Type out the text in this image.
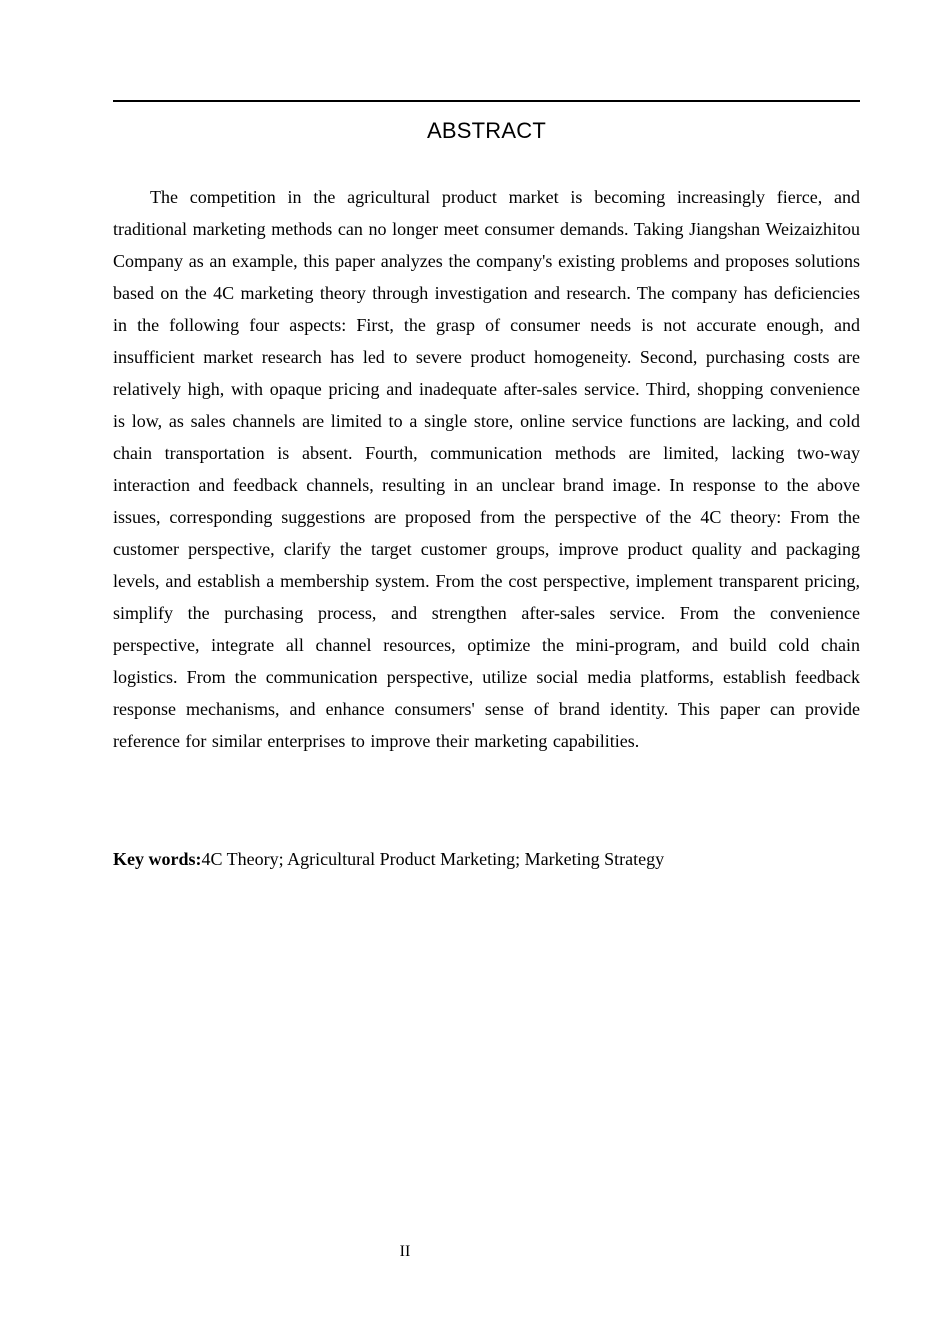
ABSTRACT

The competition in the agricultural product market is becoming increasingly fierce, and traditional marketing methods can no longer meet consumer demands. Taking Jiangshan Weizaizhitou Company as an example, this paper analyzes the company's existing problems and proposes solutions based on the 4C marketing theory through investigation and research. The company has deficiencies in the following four aspects: First, the grasp of consumer needs is not accurate enough, and insufficient market research has led to severe product homogeneity. Second, purchasing costs are relatively high, with opaque pricing and inadequate after-sales service. Third, shopping convenience is low, as sales channels are limited to a single store, online service functions are lacking, and cold chain transportation is absent. Fourth, communication methods are limited, lacking two-way interaction and feedback channels, resulting in an unclear brand image. In response to the above issues, corresponding suggestions are proposed from the perspective of the 4C theory: From the customer perspective, clarify the target customer groups, improve product quality and packaging levels, and establish a membership system. From the cost perspective, implement transparent pricing, simplify the purchasing process, and strengthen after-sales service. From the convenience perspective, integrate all channel resources, optimize the mini-program, and build cold chain logistics. From the communication perspective, utilize social media platforms, establish feedback response mechanisms, and enhance consumers' sense of brand identity. This paper can provide reference for similar enterprises to improve their marketing capabilities.

Key words:4C Theory; Agricultural Product Marketing; Marketing Strategy
II
